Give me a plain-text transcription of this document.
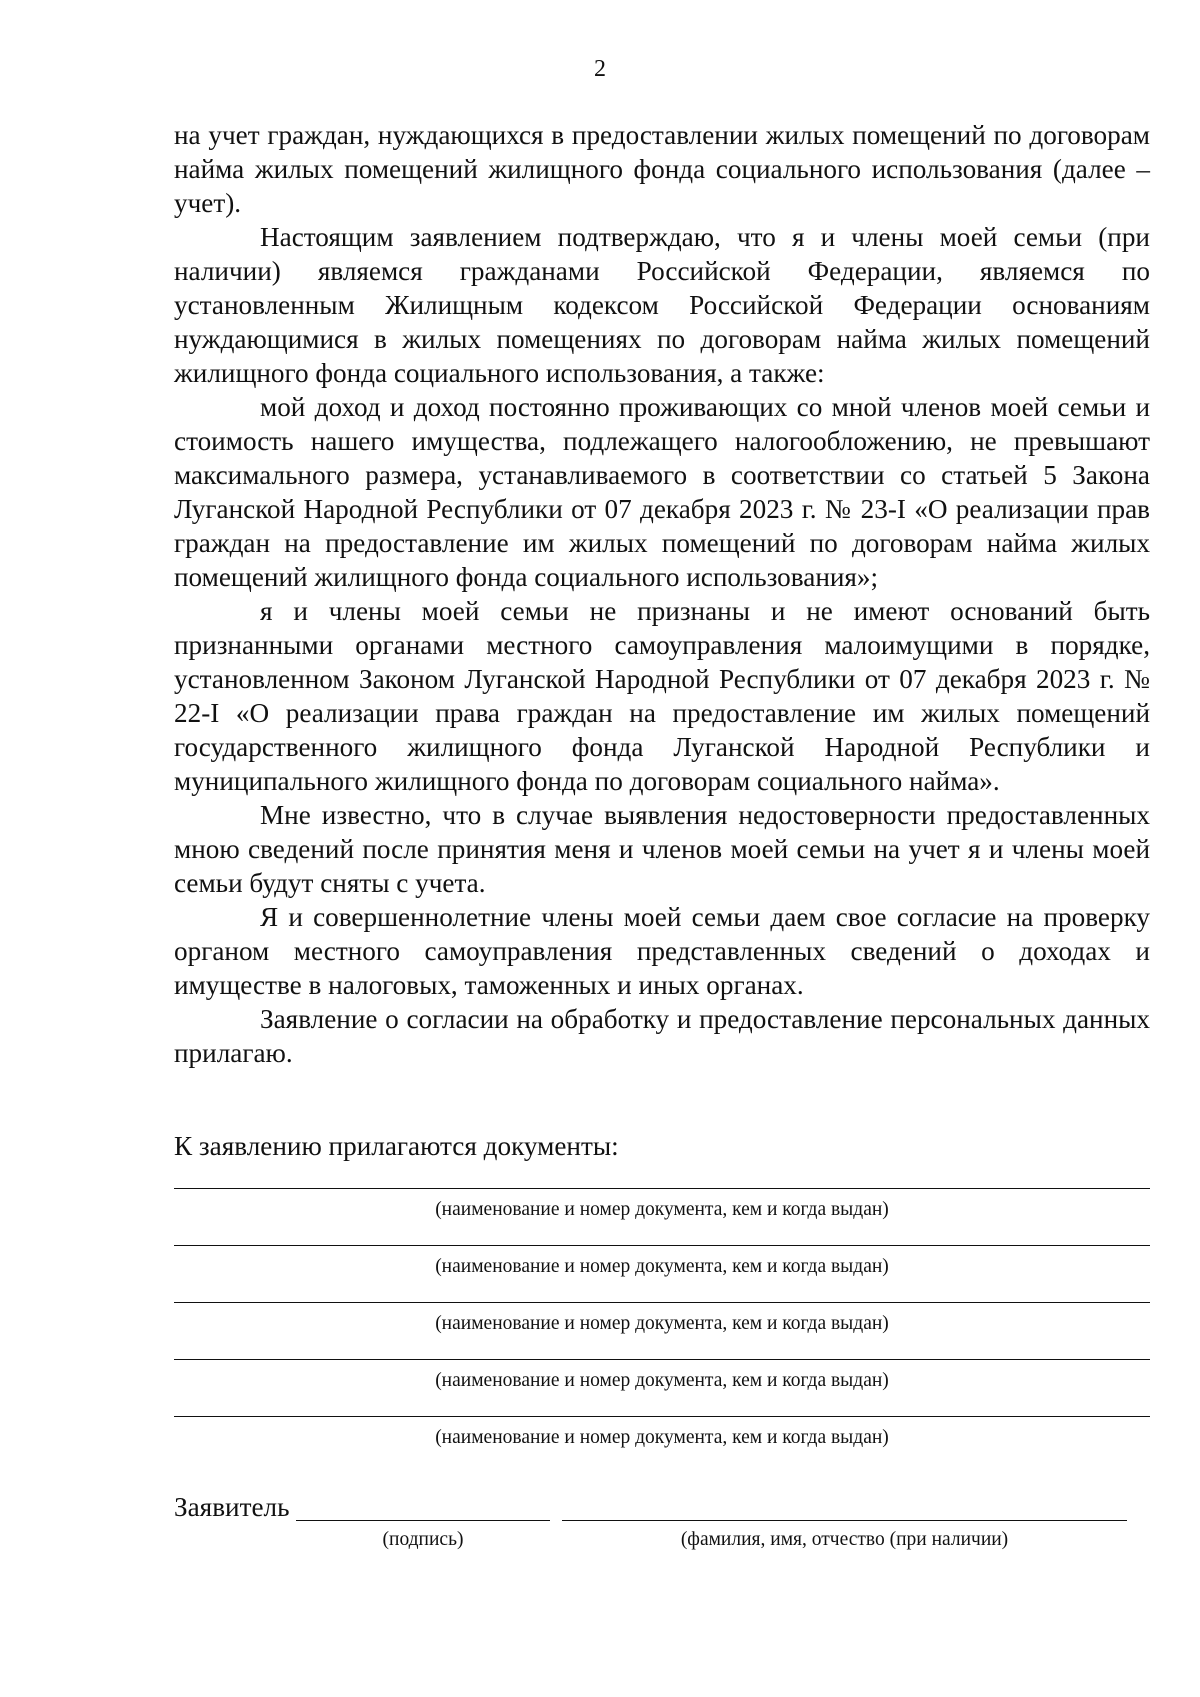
2

на учет граждан, нуждающихся в предоставлении жилых помещений по договорам найма жилых помещений жилищного фонда социального использования (далее – учет).

Настоящим заявлением подтверждаю, что я и члены моей семьи (при наличии) являемся гражданами Российской Федерации, являемся по установленным Жилищным кодексом Российской Федерации основаниям нуждающимися в жилых помещениях по договорам найма жилых помещений жилищного фонда социального использования, а также:

мой доход и доход постоянно проживающих со мной членов моей семьи и стоимость нашего имущества, подлежащего налогообложению, не превышают максимального размера, устанавливаемого в соответствии со статьей 5 Закона Луганской Народной Республики от 07 декабря 2023 г. № 23-I «О реализации прав граждан на предоставление им жилых помещений по договорам найма жилых помещений жилищного фонда социального использования»;

я и члены моей семьи не признаны и не имеют оснований быть признанными органами местного самоуправления малоимущими в порядке, установленном Законом Луганской Народной Республики от 07 декабря 2023 г. № 22-I «О реализации права граждан на предоставление им жилых помещений государственного жилищного фонда Луганской Народной Республики и муниципального жилищного фонда по договорам социального найма».

Мне известно, что в случае выявления недостоверности предоставленных мною сведений после принятия меня и членов моей семьи на учет я и члены моей семьи будут сняты с учета.

Я и совершеннолетние члены моей семьи даем свое согласие на проверку органом местного самоуправления представленных сведений о доходах и имуществе в налоговых, таможенных и иных органах.

Заявление о согласии на обработку и предоставление персональных данных прилагаю.

К заявлению прилагаются документы:

(наименование и номер документа, кем и когда выдан)
(наименование и номер документа, кем и когда выдан)
(наименование и номер документа, кем и когда выдан)
(наименование и номер документа, кем и когда выдан)
(наименование и номер документа, кем и когда выдан)
Заявитель
(подпись)	(фамилия, имя, отчество (при наличии)
